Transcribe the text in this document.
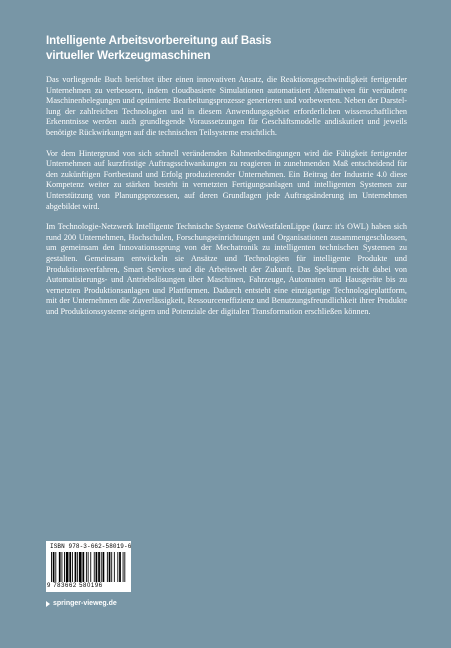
Intelligente Arbeitsvorbereitung auf Basis
virtueller Werkzeugmaschinen

Das vorliegende Buch berichtet über einen innovativen Ansatz, die Reaktionsgeschwindigkeit fertigender Unternehmen zu verbessern, indem cloudbasierte Simulationen automatisiert Alternativen für veränderte Maschinenbelegungen und optimierte Bearbeitungsprozesse generieren und vorbewerten. Neben der Darstellung der zahlreichen Technologien und in diesem Anwendungsgebiet erforderlichen wissenschaftlichen Erkenntnisse werden auch grundlegende Voraussetzungen für Geschäftsmodelle andiskutiert und jeweils benötigte Rückwirkungen auf die technischen Teilsysteme ersichtlich.

Vor dem Hintergrund von sich schnell verändernden Rahmenbedingungen wird die Fähigkeit fertigender Unternehmen auf kurzfristige Auftragsschwankungen zu reagieren in zunehmenden Maß entscheidend für den zukünftigen Fortbestand und Erfolg produzierender Unternehmen. Ein Beitrag der Industrie 4.0 diese Kompetenz weiter zu stärken besteht in vernetzten Fertigungsanlagen und intelligenten Systemen zur Unterstützung von Planungsprozessen, auf deren Grundlagen jede Auftragsänderung im Unternehmen abgebildet wird.

Im Technologie-Netzwerk Intelligente Technische Systeme OstWestfalenLippe (kurz: it's OWL) haben sich rund 200 Unternehmen, Hochschulen, Forschungseinrichtungen und Organisationen zusammengeschlossen, um gemeinsam den Innovationssprung von der Mechatronik zu intelligenten technischen Systemen zu gestalten. Gemeinsam entwickeln sie Ansätze und Technologien für intelligente Produkte und Produktionsverfahren, Smart Services und die Arbeitswelt der Zukunft. Das Spektrum reicht dabei von Automatisierungs- und Antriebslösungen über Maschinen, Fahrzeuge, Automaten und Hausgeräte bis zu vernetzten Produktionsanlagen und Plattformen. Dadurch entsteht eine einzigartige Technologieplattform, mit der Unternehmen die Zuverlässigkeit, Ressourceneffizienz und Benutzungsfreundlichkeit ihrer Produkte und Produktionssysteme steigern und Potenziale der digitalen Transformation erschließen können.

ISBN 978-3-662-58019-6
9 783662 580196
springer-vieweg.de
